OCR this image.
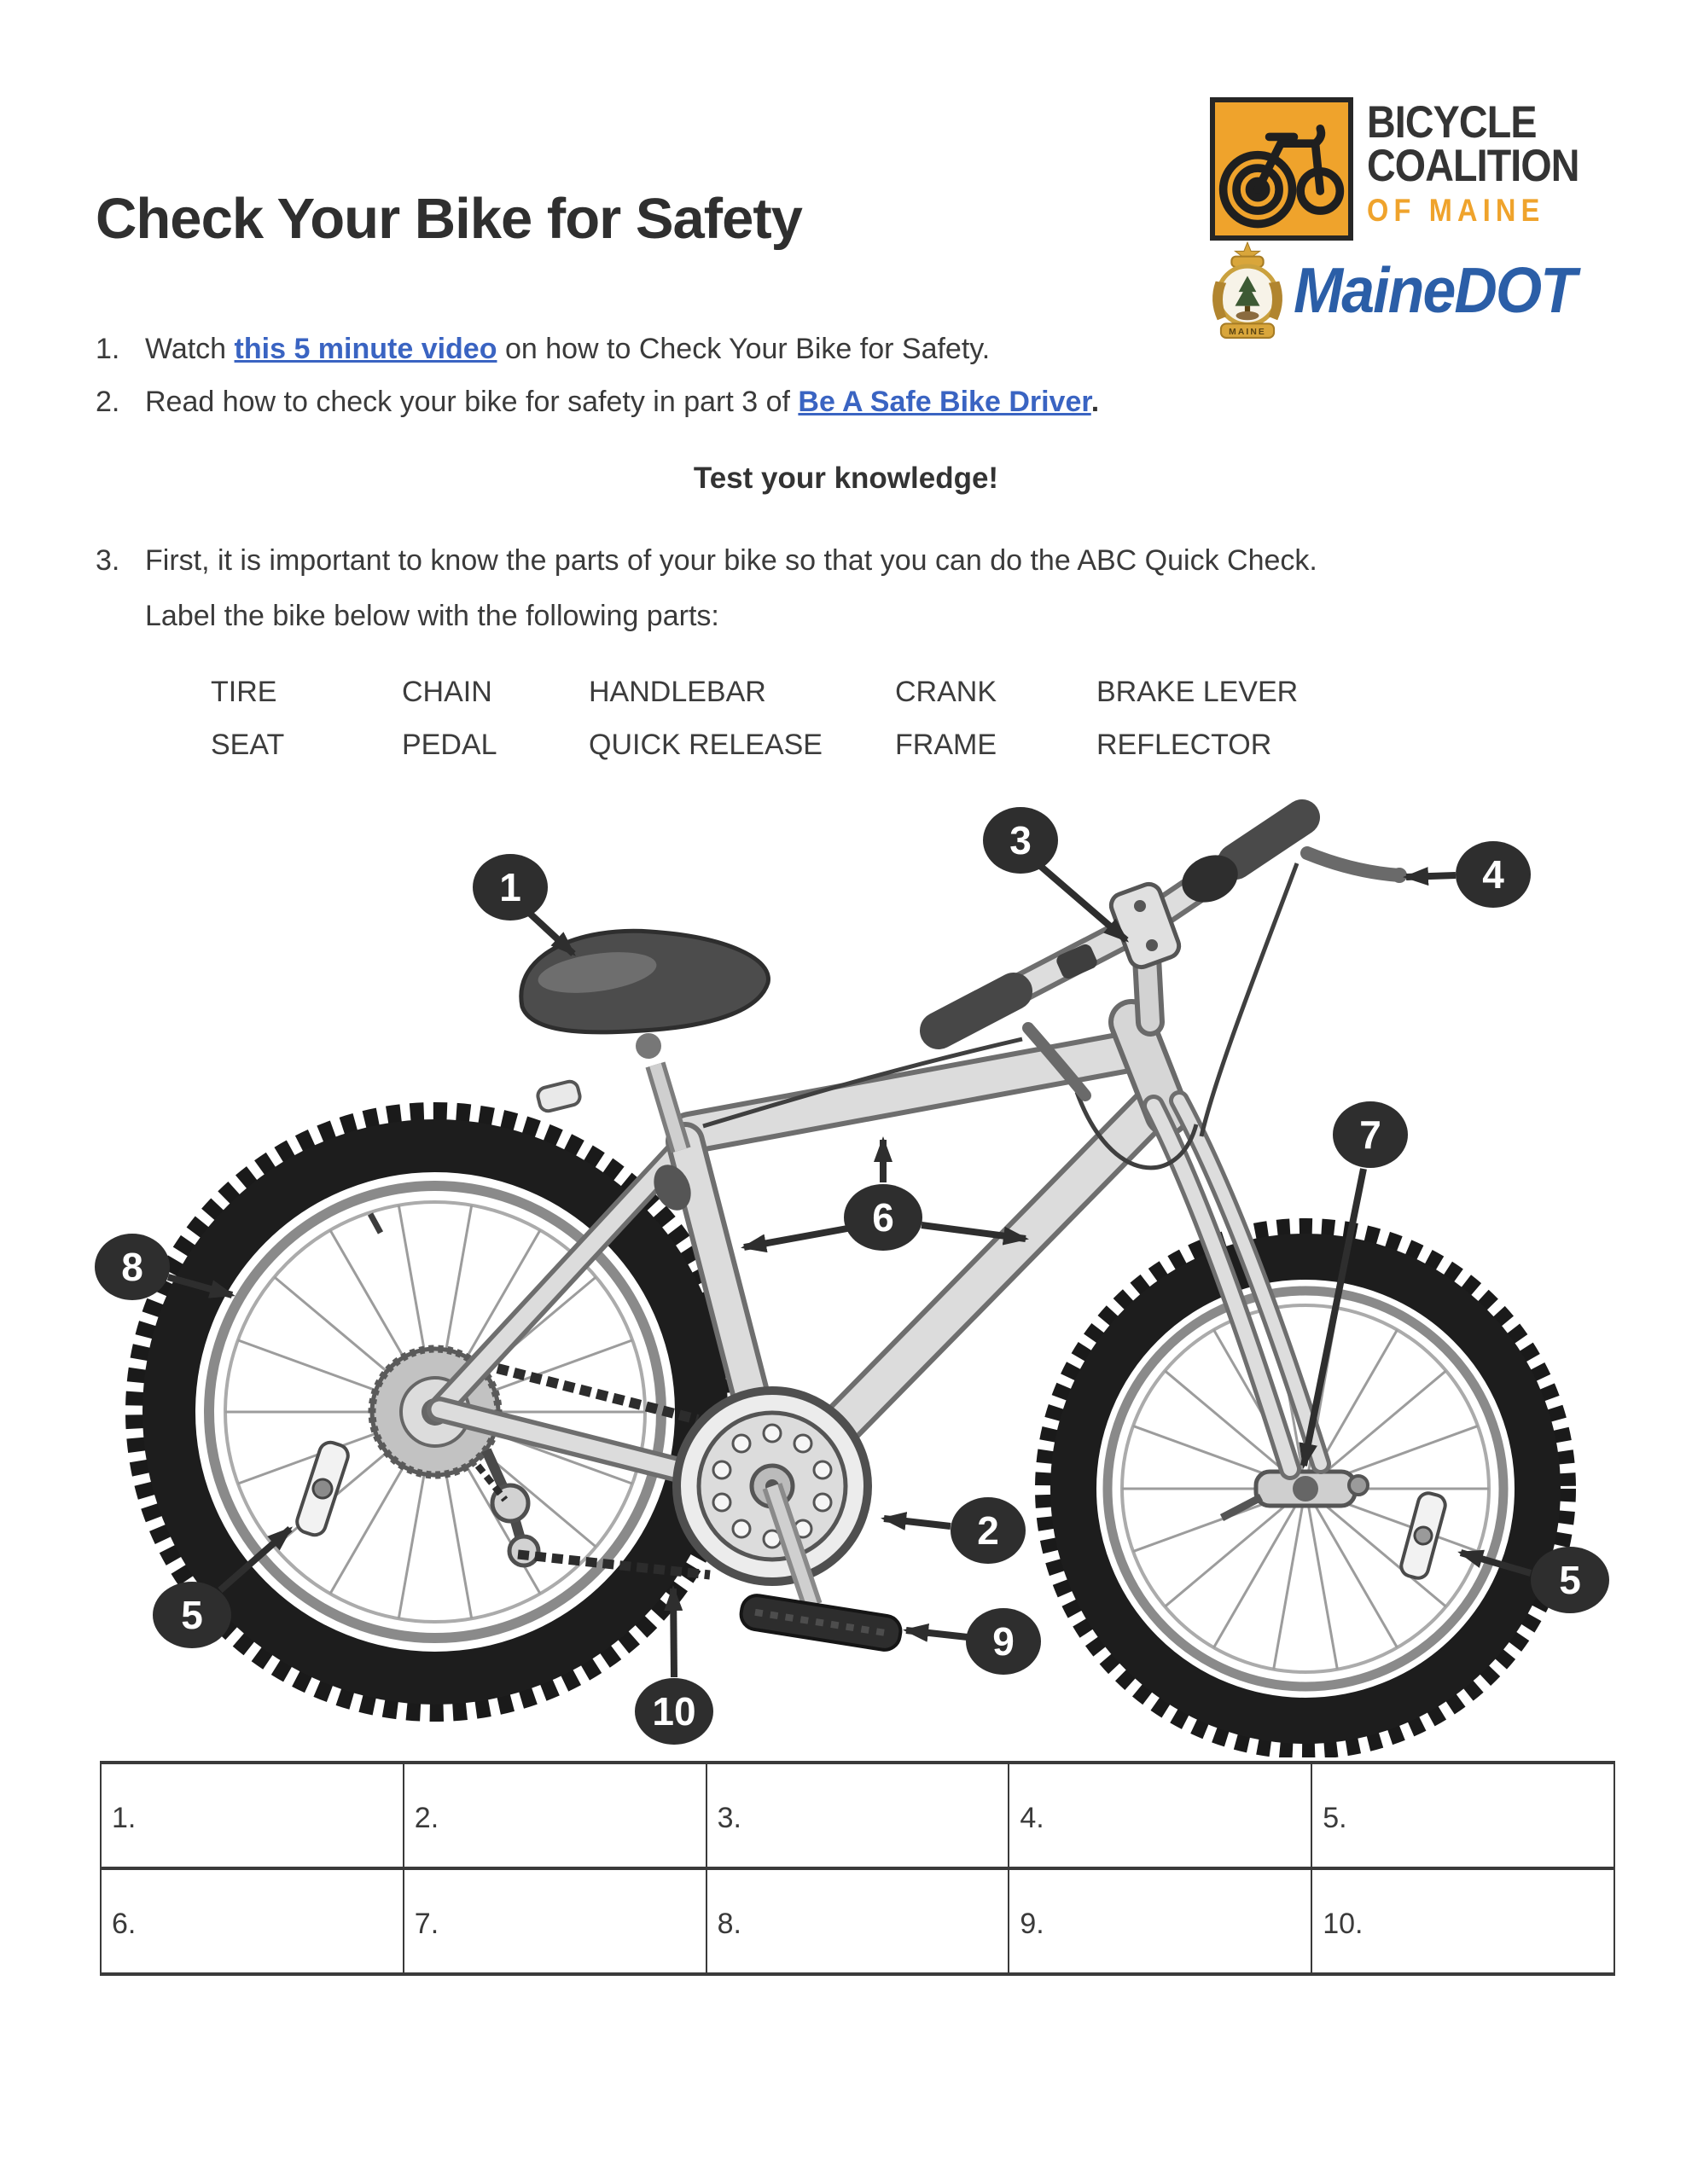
Check Your Bike for Safety
BICYCLE
COALITION
OF MAINE
MAINE
MaineDOT
1. Watch this 5 minute video on how to Check Your Bike for Safety.
2. Read how to check your bike for safety in part 3 of Be A Safe Bike Driver.
Test your knowledge!
3. First, it is important to know the parts of your bike so that you can do the ABC Quick Check.
Label the bike below with the following parts:
TIRE	CHAIN	HANDLEBAR	CRANK	BRAKE LEVER
SEAT	PEDAL	QUICK RELEASE	FRAME	REFLECTOR
1
3
4
7
6
8
5
2
9
10
5
1.	2.	3.	4.	5.
6.	7.	8.	9.	10.
